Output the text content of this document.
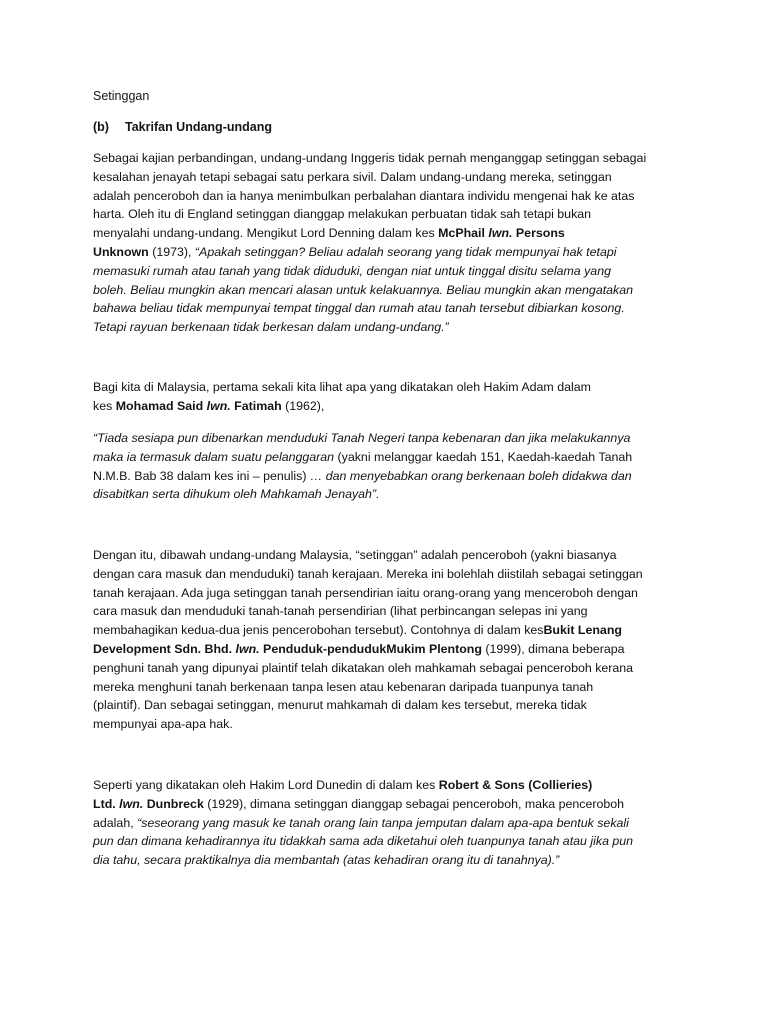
Setinggan

(b) Takrifan Undang-undang

Sebagai kajian perbandingan, undang-undang Inggeris tidak pernah menganggap setinggan sebagai
kesalahan jenayah tetapi sebagai satu perkara sivil. Dalam undang-undang mereka, setinggan
adalah penceroboh dan ia hanya menimbulkan perbalahan diantara individu mengenai hak ke atas
harta. Oleh itu di England setinggan dianggap melakukan perbuatan tidak sah tetapi bukan
menyalahi undang-undang. Mengikut Lord Denning dalam kes McPhail lwn. Persons
Unknown (1973), “Apakah setinggan? Beliau adalah seorang yang tidak mempunyai hak tetapi
memasuki rumah atau tanah yang tidak diduduki, dengan niat untuk tinggal disitu selama yang
boleh. Beliau mungkin akan mencari alasan untuk kelakuannya. Beliau mungkin akan mengatakan
bahawa beliau tidak mempunyai tempat tinggal dan rumah atau tanah tersebut dibiarkan kosong.
Tetapi rayuan berkenaan tidak berkesan dalam undang-undang.”

Bagi kita di Malaysia, pertama sekali kita lihat apa yang dikatakan oleh Hakim Adam dalam
kes Mohamad Said lwn. Fatimah (1962),

“Tiada sesiapa pun dibenarkan menduduki Tanah Negeri tanpa kebenaran dan jika melakukannya
maka ia termasuk dalam suatu pelanggaran (yakni melanggar kaedah 151, Kaedah-kaedah Tanah
N.M.B. Bab 38 dalam kes ini – penulis) … dan menyebabkan orang berkenaan boleh didakwa dan
disabitkan serta dihukum oleh Mahkamah Jenayah”.

Dengan itu, dibawah undang-undang Malaysia, “setinggan” adalah penceroboh (yakni biasanya
dengan cara masuk dan menduduki) tanah kerajaan. Mereka ini bolehlah diistilah sebagai setinggan
tanah kerajaan. Ada juga setinggan tanah persendirian iaitu orang-orang yang menceroboh dengan
cara masuk dan menduduki tanah-tanah persendirian (lihat perbincangan selepas ini yang
membahagikan kedua-dua jenis pencerobohan tersebut). Contohnya di dalam kesBukit Lenang
Development Sdn. Bhd. lwn. Penduduk-pendudukMukim Plentong (1999), dimana beberapa
penghuni tanah yang dipunyai plaintif telah dikatakan oleh mahkamah sebagai penceroboh kerana
mereka menghuni tanah berkenaan tanpa lesen atau kebenaran daripada tuanpunya tanah
(plaintif). Dan sebagai setinggan, menurut mahkamah di dalam kes tersebut, mereka tidak
mempunyai apa-apa hak.

Seperti yang dikatakan oleh Hakim Lord Dunedin di dalam kes Robert & Sons (Collieries)
Ltd. lwn. Dunbreck (1929), dimana setinggan dianggap sebagai penceroboh, maka penceroboh
adalah, “seseorang yang masuk ke tanah orang lain tanpa jemputan dalam apa-apa bentuk sekali
pun dan dimana kehadirannya itu tidakkah sama ada diketahui oleh tuanpunya tanah atau jika pun
dia tahu, secara praktikalnya dia membantah (atas kehadiran orang itu di tanahnya).”
